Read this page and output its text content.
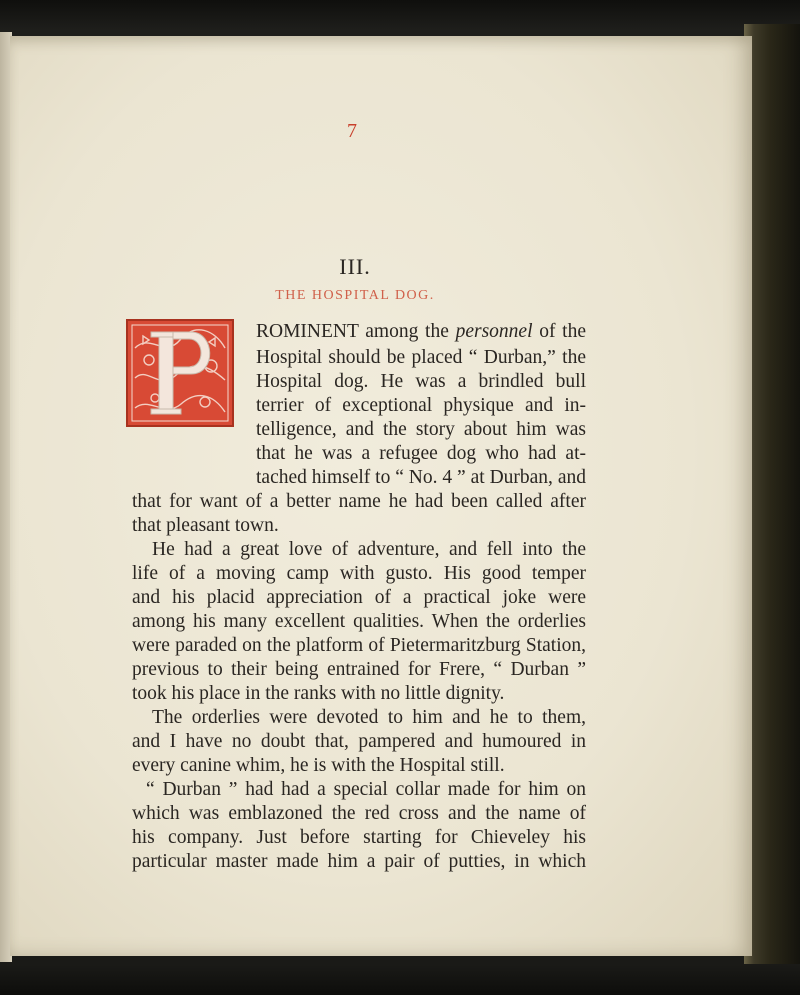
7
III.
THE HOSPITAL DOG.
ROMINENT among the personnel of the
Hospital should be placed “ Durban,” the
Hospital dog. He was a brindled bull
terrier of exceptional physique and in-
telligence, and the story about him was
that he was a refugee dog who had at-
tached himself to “ No. 4 ” at Durban, and
that for want of a better name he had been called after
that pleasant town.
He had a great love of adventure, and fell into the
life of a moving camp with gusto. His good temper
and his placid appreciation of a practical joke were
among his many excellent qualities. When the orderlies
were paraded on the platform of Pietermaritzburg Station,
previous to their being entrained for Frere, “ Durban ”
took his place in the ranks with no little dignity.
The orderlies were devoted to him and he to them,
and I have no doubt that, pampered and humoured in
every canine whim, he is with the Hospital still.
“ Durban ” had had a special collar made for him on
which was emblazoned the red cross and the name of
his company. Just before starting for Chieveley his
particular master made him a pair of putties, in which
